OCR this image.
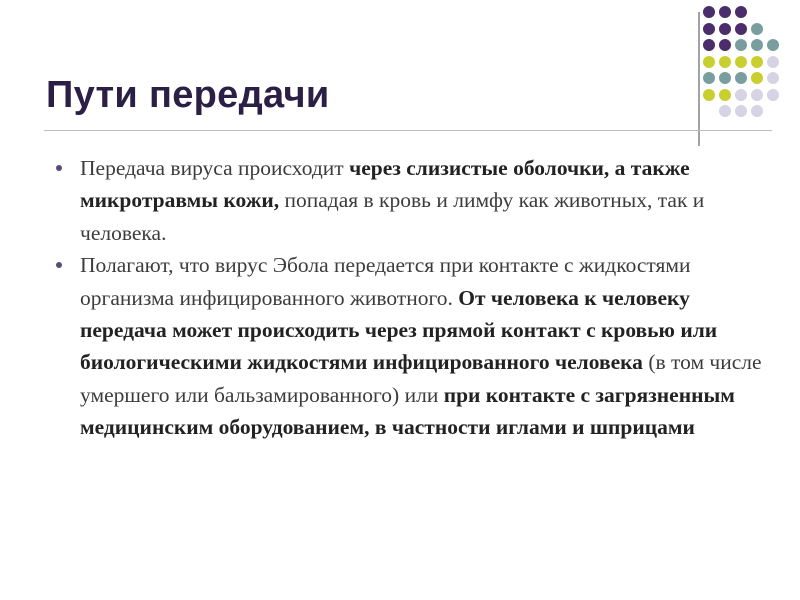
Пути передачи
Передача вируса происходит через слизистые оболочки, а также микротравмы кожи, попадая в кровь и лимфу как животных, так и человека.
Полагают, что вирус Эбола передается при контакте с жидкостями организма инфицированного животного. От человека к человеку передача может происходить через прямой контакт с кровью или биологическими жидкостями инфицированного человека (в том числе умершего или бальзамированного) или при контакте с загрязненным медицинским оборудованием, в частности иглами и шприцами
